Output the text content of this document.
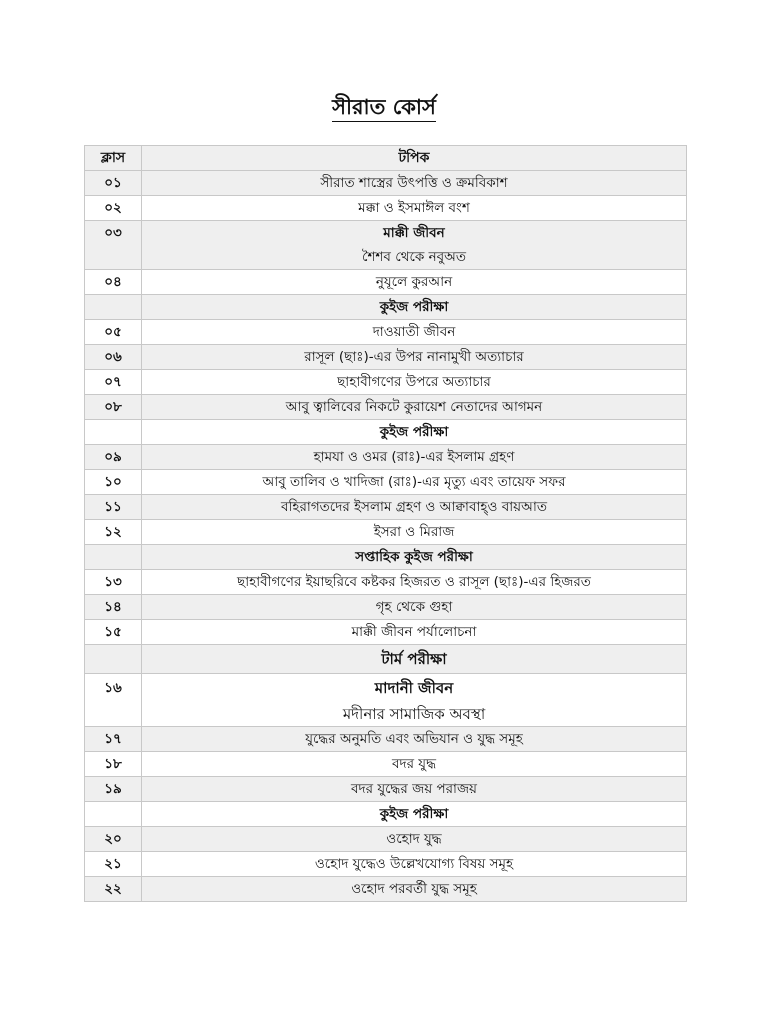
সীরাত কোর্স
ক্লাস	টপিক
০১	সীরাত শাস্ত্রের উৎপত্তি ও ক্রমবিকাশ

০২	মক্কা ও ইসমাঈল বংশ

০৩	মাক্কী জীবন
শৈশব থেকে নবুঅত

০৪	নুযূলে কুরআন

	কুইজ পরীক্ষা

০৫	দাওয়াতী জীবন

০৬	রাসূল (ছাঃ)-এর উপর নানামুখী অত্যাচার

০৭	ছাহাবীগণের উপরে অত্যাচার

০৮	আবু ত্বালিবের নিকটে কুরায়েশ নেতাদের আগমন

	কুইজ পরীক্ষা

০৯	হামযা ও ওমর (রাঃ)-এর ইসলাম গ্রহণ

১০	আবু তালিব ও খাদিজা (রাঃ)-এর মৃত্যু এবং তায়েফ সফর

১১	বহিরাগতদের ইসলাম গ্রহণ ও আক্বাবাহ্‌ও বায়আত

১২	ইসরা ও মিরাজ

	সপ্তাহিক কুইজ পরীক্ষা

১৩	ছাহাবীগণের ইয়াছরিবে কষ্টকর হিজরত ও রাসূল (ছাঃ)-এর হিজরত

১৪	গৃহ থেকে গুহা

১৫	মাক্কী জীবন পর্যালোচনা

	টার্ম পরীক্ষা

১৬	মাদানী জীবন
মদীনার সামাজিক অবস্থা

১৭	যুদ্ধের অনুমতি এবং অভিযান ও যুদ্ধ সমূহ

১৮	বদর যুদ্ধ

১৯	বদর যুদ্ধের জয় পরাজয়

	কুইজ পরীক্ষা

২০	ওহোদ যুদ্ধ

২১	ওহোদ যুদ্ধেও উল্লেখযোগ্য বিষয় সমূহ

২২	ওহোদ পরবর্তী যুদ্ধ সমূহ
